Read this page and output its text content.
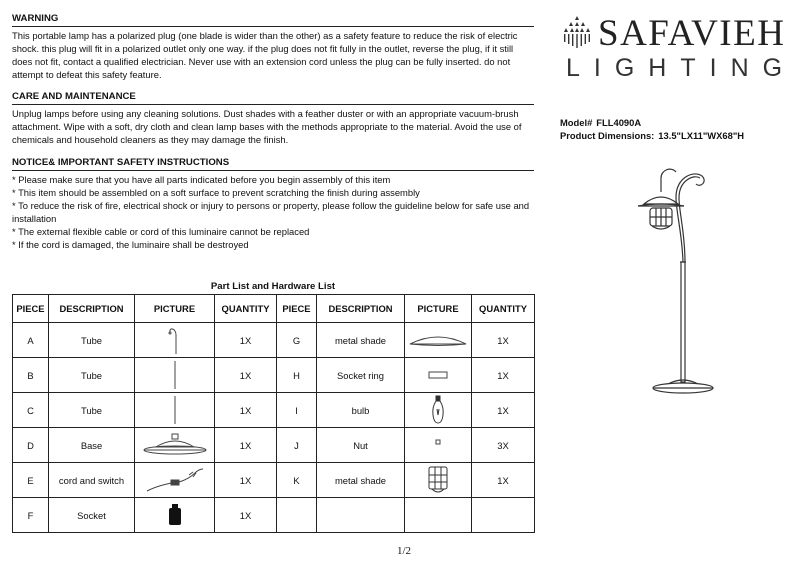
WARNING

This portable lamp has a polarized plug (one blade is wider than the other) as a safety feature to reduce the risk of electric shock. this plug will fit in a polarized outlet only one way. if the plug does not fit fully in the outlet, reverse the plug, if it still does not fit, contact a qualified electrician. Never use with an extension cord unless the plug can be fully inserted. do not attempt to defeat this safety feature.

CARE AND MAINTENANCE

Unplug lamps before using any cleaning solutions. Dust shades with a feather duster or with an appropriate vacuum-brush attachment. Wipe with a soft, dry cloth and clean lamp bases with the methods appropriate to the material. Avoid the use of chemicals and household cleaners as they may damage the finish.

NOTICE& IMPORTANT SAFETY INSTRUCTIONS

* Please make sure that you have all parts indicated before you begin assembly of this item

* This item should be assembled on a soft surface to prevent scratching the finish during assembly

* To reduce the risk of fire, electrical shock or injury to persons or property, please follow the guideline below for safe use and installation

* The external flexible cable or cord of this luminaire cannot be replaced

* If the cord is damaged, the luminaire shall be destroyed

SAFAVIEH
LIGHTING
Model# FLL4090A
Product Dimensions: 13.5"LX11"WX68"H
Part List and Hardware List
PIECE	DESCRIPTION	PICTURE	QUANTITY	PIECE	DESCRIPTION	PICTURE	QUANTITY
A	Tube		1X	G	metal shade		1X
B	Tube		1X	H	Socket ring		1X
C	Tube		1X	I	bulb		1X
D	Base		1X	J	Nut		3X
E	cord and switch		1X	K	metal shade		1X
F	Socket		1X				
1/2
